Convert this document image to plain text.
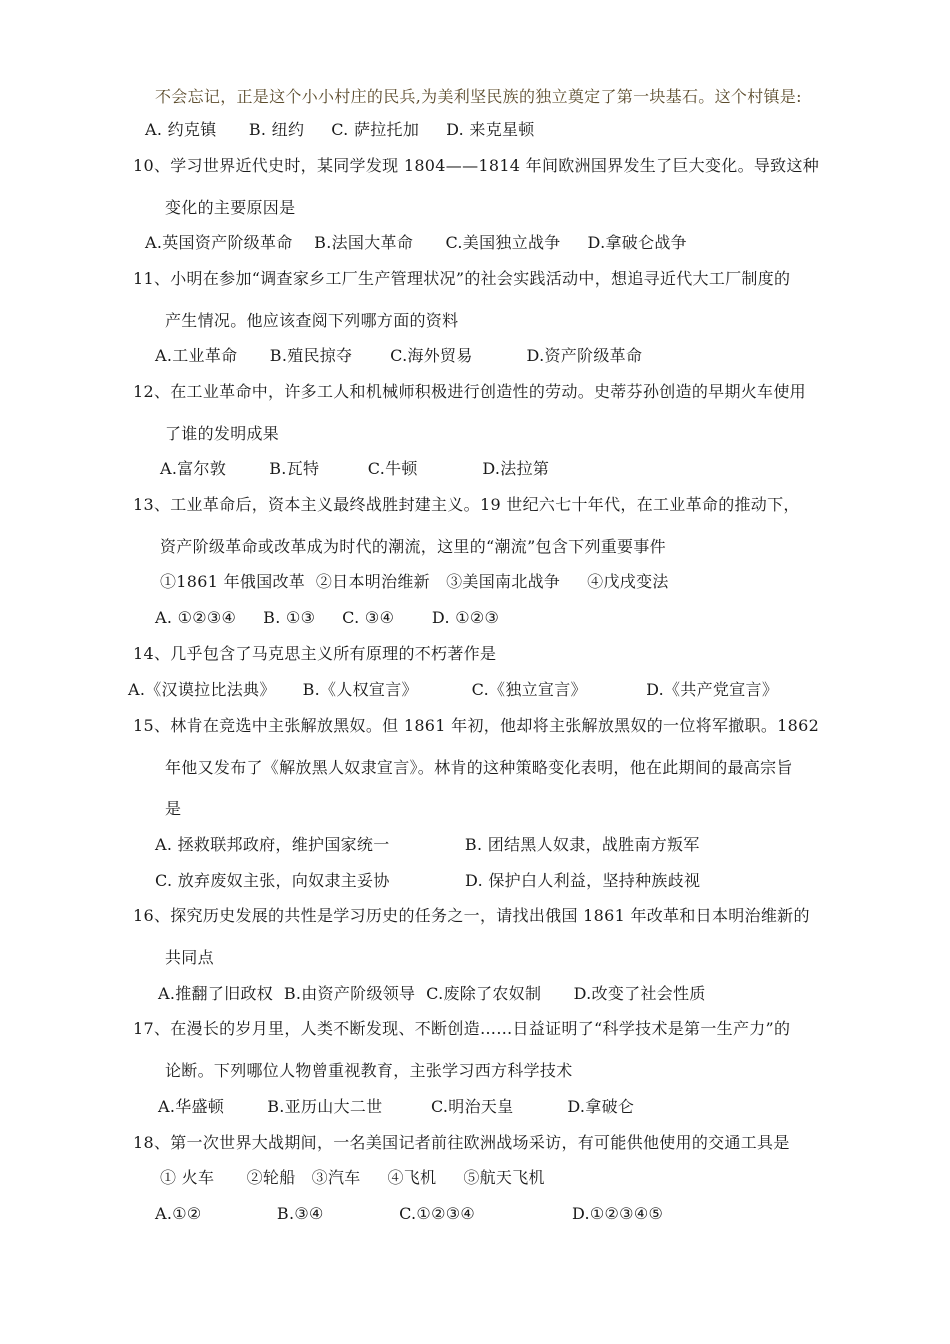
不会忘记，正是这个小小村庄的民兵,为美利坚民族的独立奠定了第一块基石。这个村镇是:
A. 约克镇      B. 纽约     C. 萨拉托加     D. 来克星顿
10、学习世界近代史时，某同学发现 1804——1814 年间欧洲国界发生了巨大变化。导致这种
变化的主要原因是
A.英国资产阶级革命    B.法国大革命      C.美国独立战争     D.拿破仑战争
11、小明在参加“调查家乡工厂生产管理状况”的社会实践活动中，想追寻近代大工厂制度的
产生情况。他应该查阅下列哪方面的资料
A.工业革命      B.殖民掠夺       C.海外贸易          D.资产阶级革命
12、在工业革命中，许多工人和机械师积极进行创造性的劳动。史蒂芬孙创造的早期火车使用
了谁的发明成果
A.富尔敦        B.瓦特         C.牛顿            D.法拉第
13、工业革命后，资本主义最终战胜封建主义。19 世纪六七十年代，在工业革命的推动下，
资产阶级革命或改革成为时代的潮流，这里的“潮流”包含下列重要事件
①1861 年俄国改革  ②日本明治维新   ③美国南北战争     ④戊戌变法
A. ①②③④     B. ①③     C. ③④       D. ①②③
14、几乎包含了马克思主义所有原理的不朽著作是
A.《汉谟拉比法典》     B.《人权宣言》          C.《独立宣言》           D.《共产党宣言》
15、林肯在竞选中主张解放黑奴。但 1861 年初，他却将主张解放黑奴的一位将军撤职。1862
年他又发布了《解放黑人奴隶宣言》。林肯的这种策略变化表明，他在此期间的最高宗旨
是
A. 拯救联邦政府，维护国家统一              B. 团结黑人奴隶，战胜南方叛军
C. 放弃废奴主张，向奴隶主妥协              D. 保护白人利益，坚持种族歧视
16、探究历史发展的共性是学习历史的任务之一，请找出俄国 1861 年改革和日本明治维新的
共同点
A.推翻了旧政权  B.由资产阶级领导  C.废除了农奴制      D.改变了社会性质
17、在漫长的岁月里，人类不断发现、不断创造……日益证明了“科学技术是第一生产力”的
论断。下列哪位人物曾重视教育，主张学习西方科学技术
A.华盛顿        B.亚历山大二世         C.明治天皇          D.拿破仑
18、第一次世界大战期间，一名美国记者前往欧洲战场采访，有可能供他使用的交通工具是
① 火车      ②轮船   ③汽车     ④飞机     ⑤航天飞机
A.①②              B.③④              C.①②③④                  D.①②③④⑤
